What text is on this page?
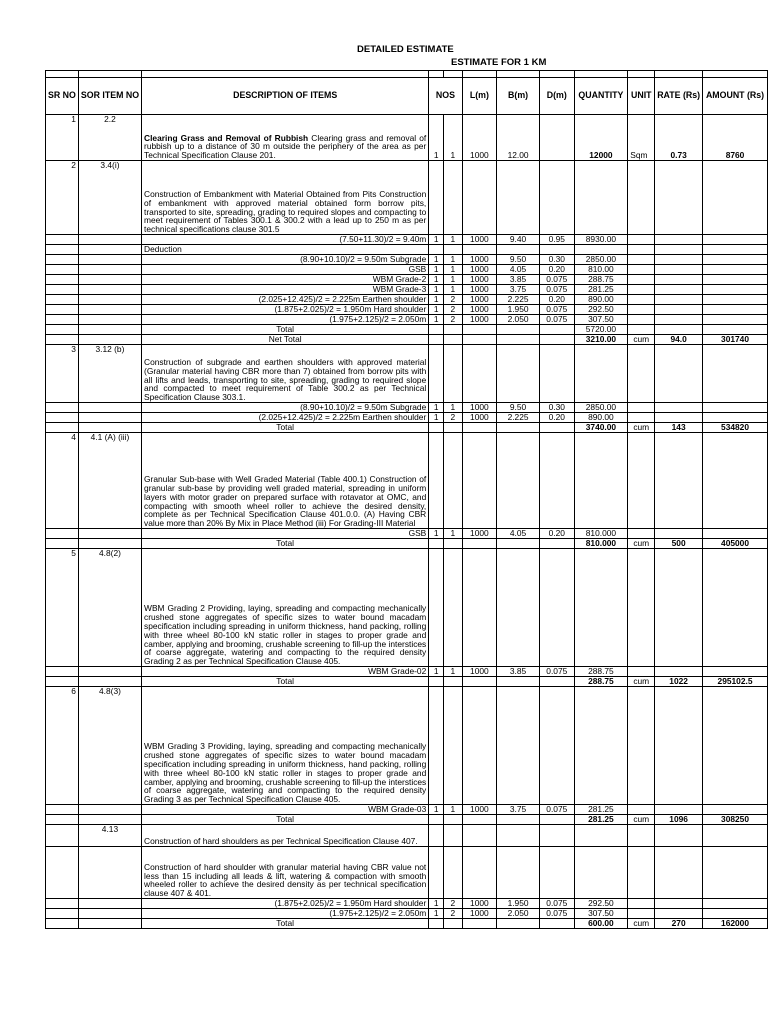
DETAILED ESTIMATE
ESTIMATE FOR 1 KM

SR NO	SOR ITEM NO	DESCRIPTION OF ITEMS	NOS		L(m)	B(m)	D(m)	QUANTITY	UNIT	RATE (Rs)	AMOUNT (Rs)
1	2.2	Clearing Grass and Removal of Rubbish Clearing grass and removal of rubbish up to a distance of 30 m outside the periphery of the area as per Technical Specification Clause 201.	1	1	1000	12.00		12000	Sqm	0.73	8760
2	3.4(i)	Construction of Embankment with Material Obtained from Pits Construction of embankment with approved material obtained form borrow pits, transported to site, spreading, grading to required slopes and compacting to meet requirement of Tables 300.1 & 300.2 with a lead up to 250 m as per technical specifications clause 301.5									
		(7.50+11.30)/2 = 9.40m	1	1	1000	9.40	0.95	8930.00			
		Deduction									
		(8.90+10.10)/2 = 9.50m Subgrade	1	1	1000	9.50	0.30	2850.00			
		GSB	1	1	1000	4.05	0.20	810.00			
		WBM Grade-2	1	1	1000	3.85	0.075	288.75			
		WBM Grade-3	1	1	1000	3.75	0.075	281.25			
		(2.025+12.425)/2 = 2.225m Earthen shoulder	1	2	1000	2.225	0.20	890.00			
		(1.875+2.025)/2 = 1.950m Hard shoulder	1	2	1000	1.950	0.075	292.50			
		(1.975+2.125)/2 = 2.050m	1	2	1000	2.050	0.075	307.50			
		Total						5720.00			
		Net Total						3210.00	cum	94.0	301740
3	3.12 (b)	Construction of subgrade and earthen shoulders with approved material (Granular material having CBR more than 7) obtained from borrow pits with all lifts and leads, transporting to site, spreading, grading to required slope and compacted to meet requirement of Table 300.2 as per Technical Specification Clause 303.1.									
		(8.90+10.10)/2 = 9.50m Subgrade	1	1	1000	9.50	0.30	2850.00			
		(2.025+12.425)/2 = 2.225m Earthen shoulder	1	2	1000	2.225	0.20	890.00			
		Total						3740.00	cum	143	534820
4	4.1 (A) (iii)	Granular Sub-base with Well Graded Material (Table 400.1) Construction of granular sub-base by providing well graded material, spreading in uniform layers with motor grader on prepared surface with rotavator at OMC, and compacting with smooth wheel roller to achieve the desired density, complete as per Technical Specification Clause 401.0.0. (A) Having CBR value more than 20% By Mix in Place Method (iii) For Grading-III Material									
		GSB	1	1	1000	4.05	0.20	810.000			
		Total						810.000	cum	500	405000
5	4.8(2)	WBM Grading 2 Providing, laying, spreading and compacting mechanically crushed stone aggregates of specific sizes to water bound macadam specification including spreading in uniform thickness, hand packing, rolling with three wheel 80-100 kN static roller in stages to proper grade and camber, applying and brooming, crushable screening to fill-up the interstices of coarse aggregate, watering and compacting to the required density Grading 2 as per Technical Specification Clause 405.									
		WBM Grade-02	1	1	1000	3.85	0.075	288.75			
		Total						288.75	cum	1022	295102.5
6	4.8(3)	WBM Grading 3 Providing, laying, spreading and compacting mechanically crushed stone aggregates of specific sizes to water bound macadam specification including spreading in uniform thickness, hand packing, rolling with three wheel 80-100 kN static roller in stages to proper grade and camber, applying and brooming, crushable screening to fill-up the interstices of coarse aggregate, watering and compacting to the required density Grading 3 as per Technical Specification Clause 405.									
		WBM Grade-03	1	1	1000	3.75	0.075	281.25			
		Total						281.25	cum	1096	308250
	4.13	Construction of hard shoulders as per Technical Specification Clause 407.									
		Construction of hard shoulder with granular material having CBR value not less than 15 including all leads & lift, watering & compaction with smooth wheeled roller to achieve the desired density as per technical specification clause 407 & 401.									
		(1.875+2.025)/2 = 1.950m Hard shoulder	1	2	1000	1.950	0.075	292.50			
		(1.975+2.125)/2 = 2.050m	1	2	1000	2.050	0.075	307.50			
		Total						600.00	cum	270	162000
